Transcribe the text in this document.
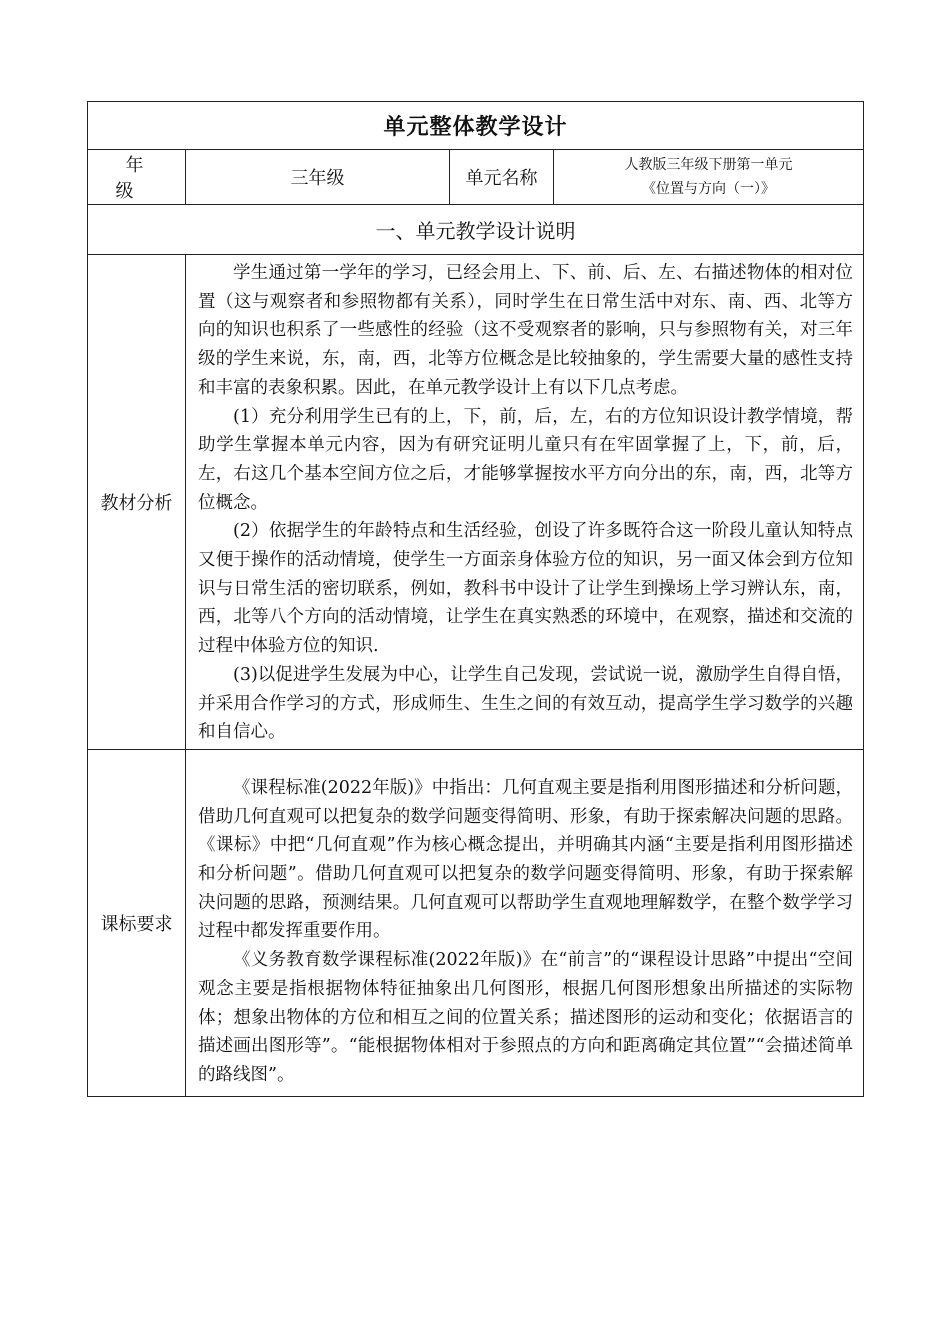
单元整体教学设计			
年级	三年级	单元名称	人教版三年级下册第一单元
《位置与方向（一）》

一、单元教学设计说明			
教材分析	学生通过第一学年的学习，已经会用上、下、前、后、左、右描述物体的相对位置（这与观察者和参照物都有关系），同时学生在日常生活中对东、南、西、北等方向的知识也积系了一些感性的经验（这不受观察者的影响，只与参照物有关，对三年级的学生来说，东，南，西，北等方位概念是比较抽象的，学生需要大量的感性支持和丰富的表象积累。因此，在单元教学设计上有以下几点考虑。

(1）充分利用学生已有的上，下，前，后，左，右的方位知识设计教学情境，帮助学生掌握本单元内容，因为有研究证明儿童只有在牢固掌握了上，下，前，后，左，右这几个基本空间方位之后，才能够掌握按水平方向分出的东，南，西，北等方位概念。

(2）依据学生的年龄特点和生活经验，创设了许多既符合这一阶段儿童认知特点又便于操作的活动情境，使学生一方面亲身体验方位的知识，另一面又体会到方位知识与日常生活的密切联系，例如，教科书中设计了让学生到操场上学习辨认东，南，西，北等八个方向的活动情境，让学生在真实熟悉的环境中，在观察，描述和交流的过程中体验方位的知识.

(3)以促进学生发展为中心，让学生自己发现，尝试说一说，激励学生自得自悟，并采用合作学习的方式，形成师生、生生之间的有效互动，提高学生学习数学的兴趣和自信心。		

课标要求	《课程标准(2022年版)》中指出：几何直观主要是指利用图形描述和分析问题，借助几何直观可以把复杂的数学问题变得简明、形象，有助于探索解决问题的思路。《课标》中把“几何直观”作为核心概念提出，并明确其内涵“主要是指利用图形描述和分析问题”。借助几何直观可以把复杂的数学问题变得简明、形象，有助于探索解决问题的思路，预测结果。几何直观可以帮助学生直观地理解数学，在整个数学学习过程中都发挥重要作用。

《义务教育数学课程标准(2022年版)》在“前言”的“课程设计思路”中提出“空间观念主要是指根据物体特征抽象出几何图形，根据几何图形想象出所描述的实际物体；想象出物体的方位和相互之间的位置关系；描述图形的运动和变化；依据语言的描述画出图形等”。“能根据物体相对于参照点的方向和距离确定其位置”“会描述简单的路线图”。		
